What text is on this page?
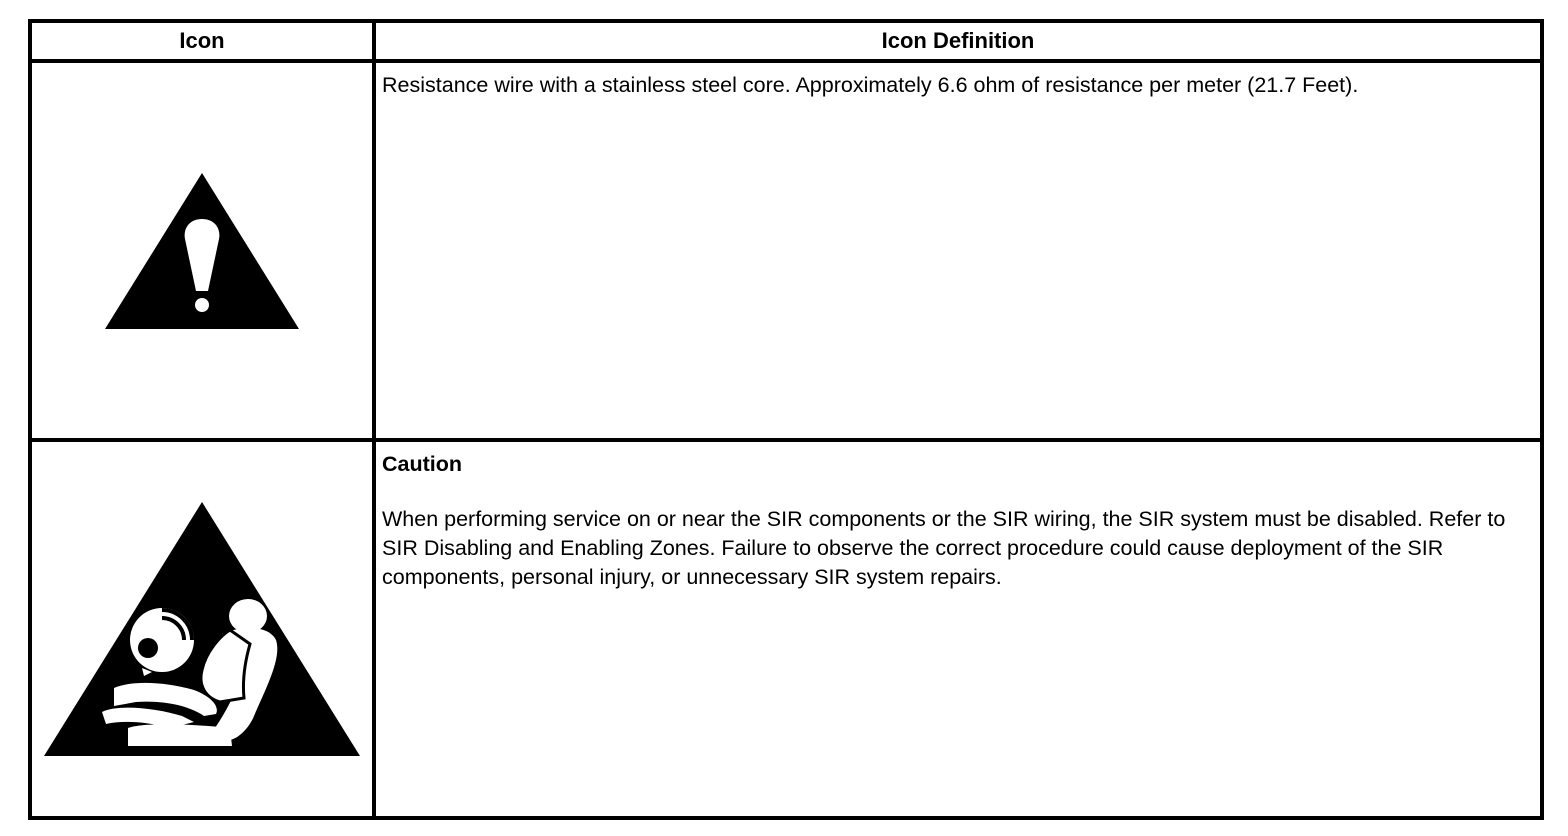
Icon	Icon Definition

Resistance wire with a stainless steel core. Approximately 6.6 ohm of resistance per meter (21.7 Feet).

Caution

When performing service on or near the SIR components or the SIR wiring, the SIR system must be disabled. Refer to SIR Disabling and Enabling Zones. Failure to observe the correct procedure could cause deployment of the SIR components, personal injury, or unnecessary SIR system repairs.
